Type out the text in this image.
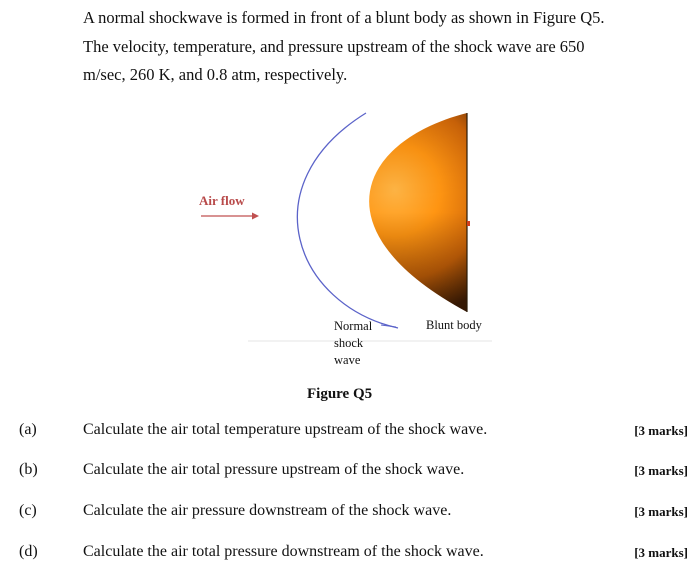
A normal shockwave is formed in front of a blunt body as shown in Figure Q5. The velocity, temperature, and pressure upstream of the shock wave are 650 m/sec, 260 K, and 0.8 atm, respectively.

Air flow
Normal
shock
wave
Blunt body
Figure Q5
(a)	Calculate the air total temperature upstream of the shock wave.	[3 marks]
(b)	Calculate the air total pressure upstream of the shock wave.	[3 marks]
(c)	Calculate the air pressure downstream of the shock wave.	[3 marks]
(d)	Calculate the air total pressure downstream of the shock wave.	[3 marks]
